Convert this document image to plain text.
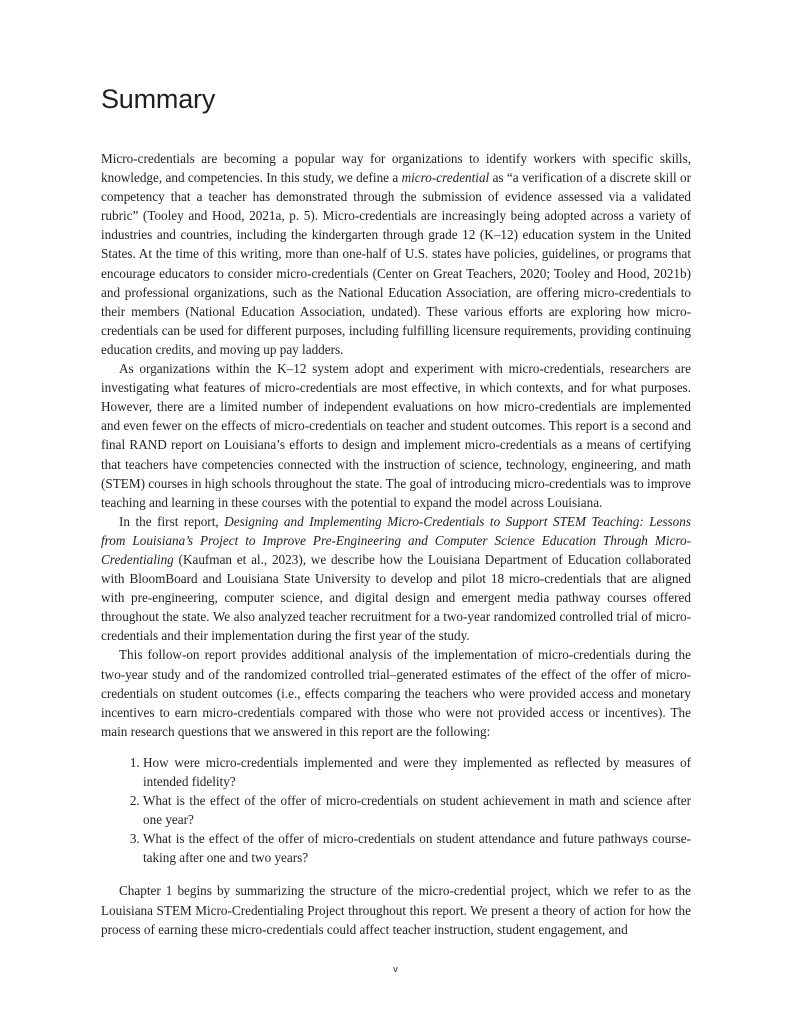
Summary

Micro-credentials are becoming a popular way for organizations to identify workers with specific skills, knowledge, and competencies. In this study, we define a micro-credential as “a verification of a discrete skill or competency that a teacher has demonstrated through the submission of evidence assessed via a validated rubric” (Tooley and Hood, 2021a, p. 5). Micro-credentials are increasingly being adopted across a variety of industries and countries, including the kindergarten through grade 12 (K–12) education system in the United States. At the time of this writing, more than one-half of U.S. states have policies, guidelines, or programs that encourage educators to consider micro-credentials (Center on Great Teachers, 2020; Tooley and Hood, 2021b) and professional organizations, such as the National Education Association, are offering micro-credentials to their members (National Education Association, undated). These various efforts are exploring how micro-credentials can be used for different purposes, including fulfilling licensure requirements, providing continuing education credits, and moving up pay ladders.

As organizations within the K–12 system adopt and experiment with micro-credentials, researchers are investigating what features of micro-credentials are most effective, in which contexts, and for what purposes. However, there are a limited number of independent evaluations on how micro-credentials are implemented and even fewer on the effects of micro-credentials on teacher and student outcomes. This report is a second and final RAND report on Louisiana’s efforts to design and implement micro-credentials as a means of certifying that teachers have competencies connected with the instruction of science, technology, engineering, and math (STEM) courses in high schools throughout the state. The goal of introducing micro-credentials was to improve teaching and learning in these courses with the potential to expand the model across Louisiana.

In the first report, Designing and Implementing Micro-Credentials to Support STEM Teaching: Lessons from Louisiana’s Project to Improve Pre-Engineering and Computer Science Education Through Micro-Credentialing (Kaufman et al., 2023), we describe how the Louisiana Department of Education collaborated with BloomBoard and Louisiana State University to develop and pilot 18 micro-credentials that are aligned with pre-engineering, computer science, and digital design and emergent media pathway courses offered throughout the state. We also analyzed teacher recruitment for a two-year randomized controlled trial of micro-credentials and their implementation during the first year of the study.

This follow-on report provides additional analysis of the implementation of micro-credentials during the two-year study and of the randomized controlled trial–generated estimates of the effect of the offer of micro-credentials on student outcomes (i.e., effects comparing the teachers who were provided access and monetary incentives to earn micro-credentials compared with those who were not provided access or incentives). The main research questions that we answered in this report are the following:

1. How were micro-credentials implemented and were they implemented as reflected by measures of intended fidelity?
2. What is the effect of the offer of micro-credentials on student achievement in math and science after one year?
3. What is the effect of the offer of micro-credentials on student attendance and future pathways course-taking after one and two years?

Chapter 1 begins by summarizing the structure of the micro-credential project, which we refer to as the Louisiana STEM Micro-Credentialing Project throughout this report. We present a theory of action for how the process of earning these micro-credentials could affect teacher instruction, student engagement, and

v
